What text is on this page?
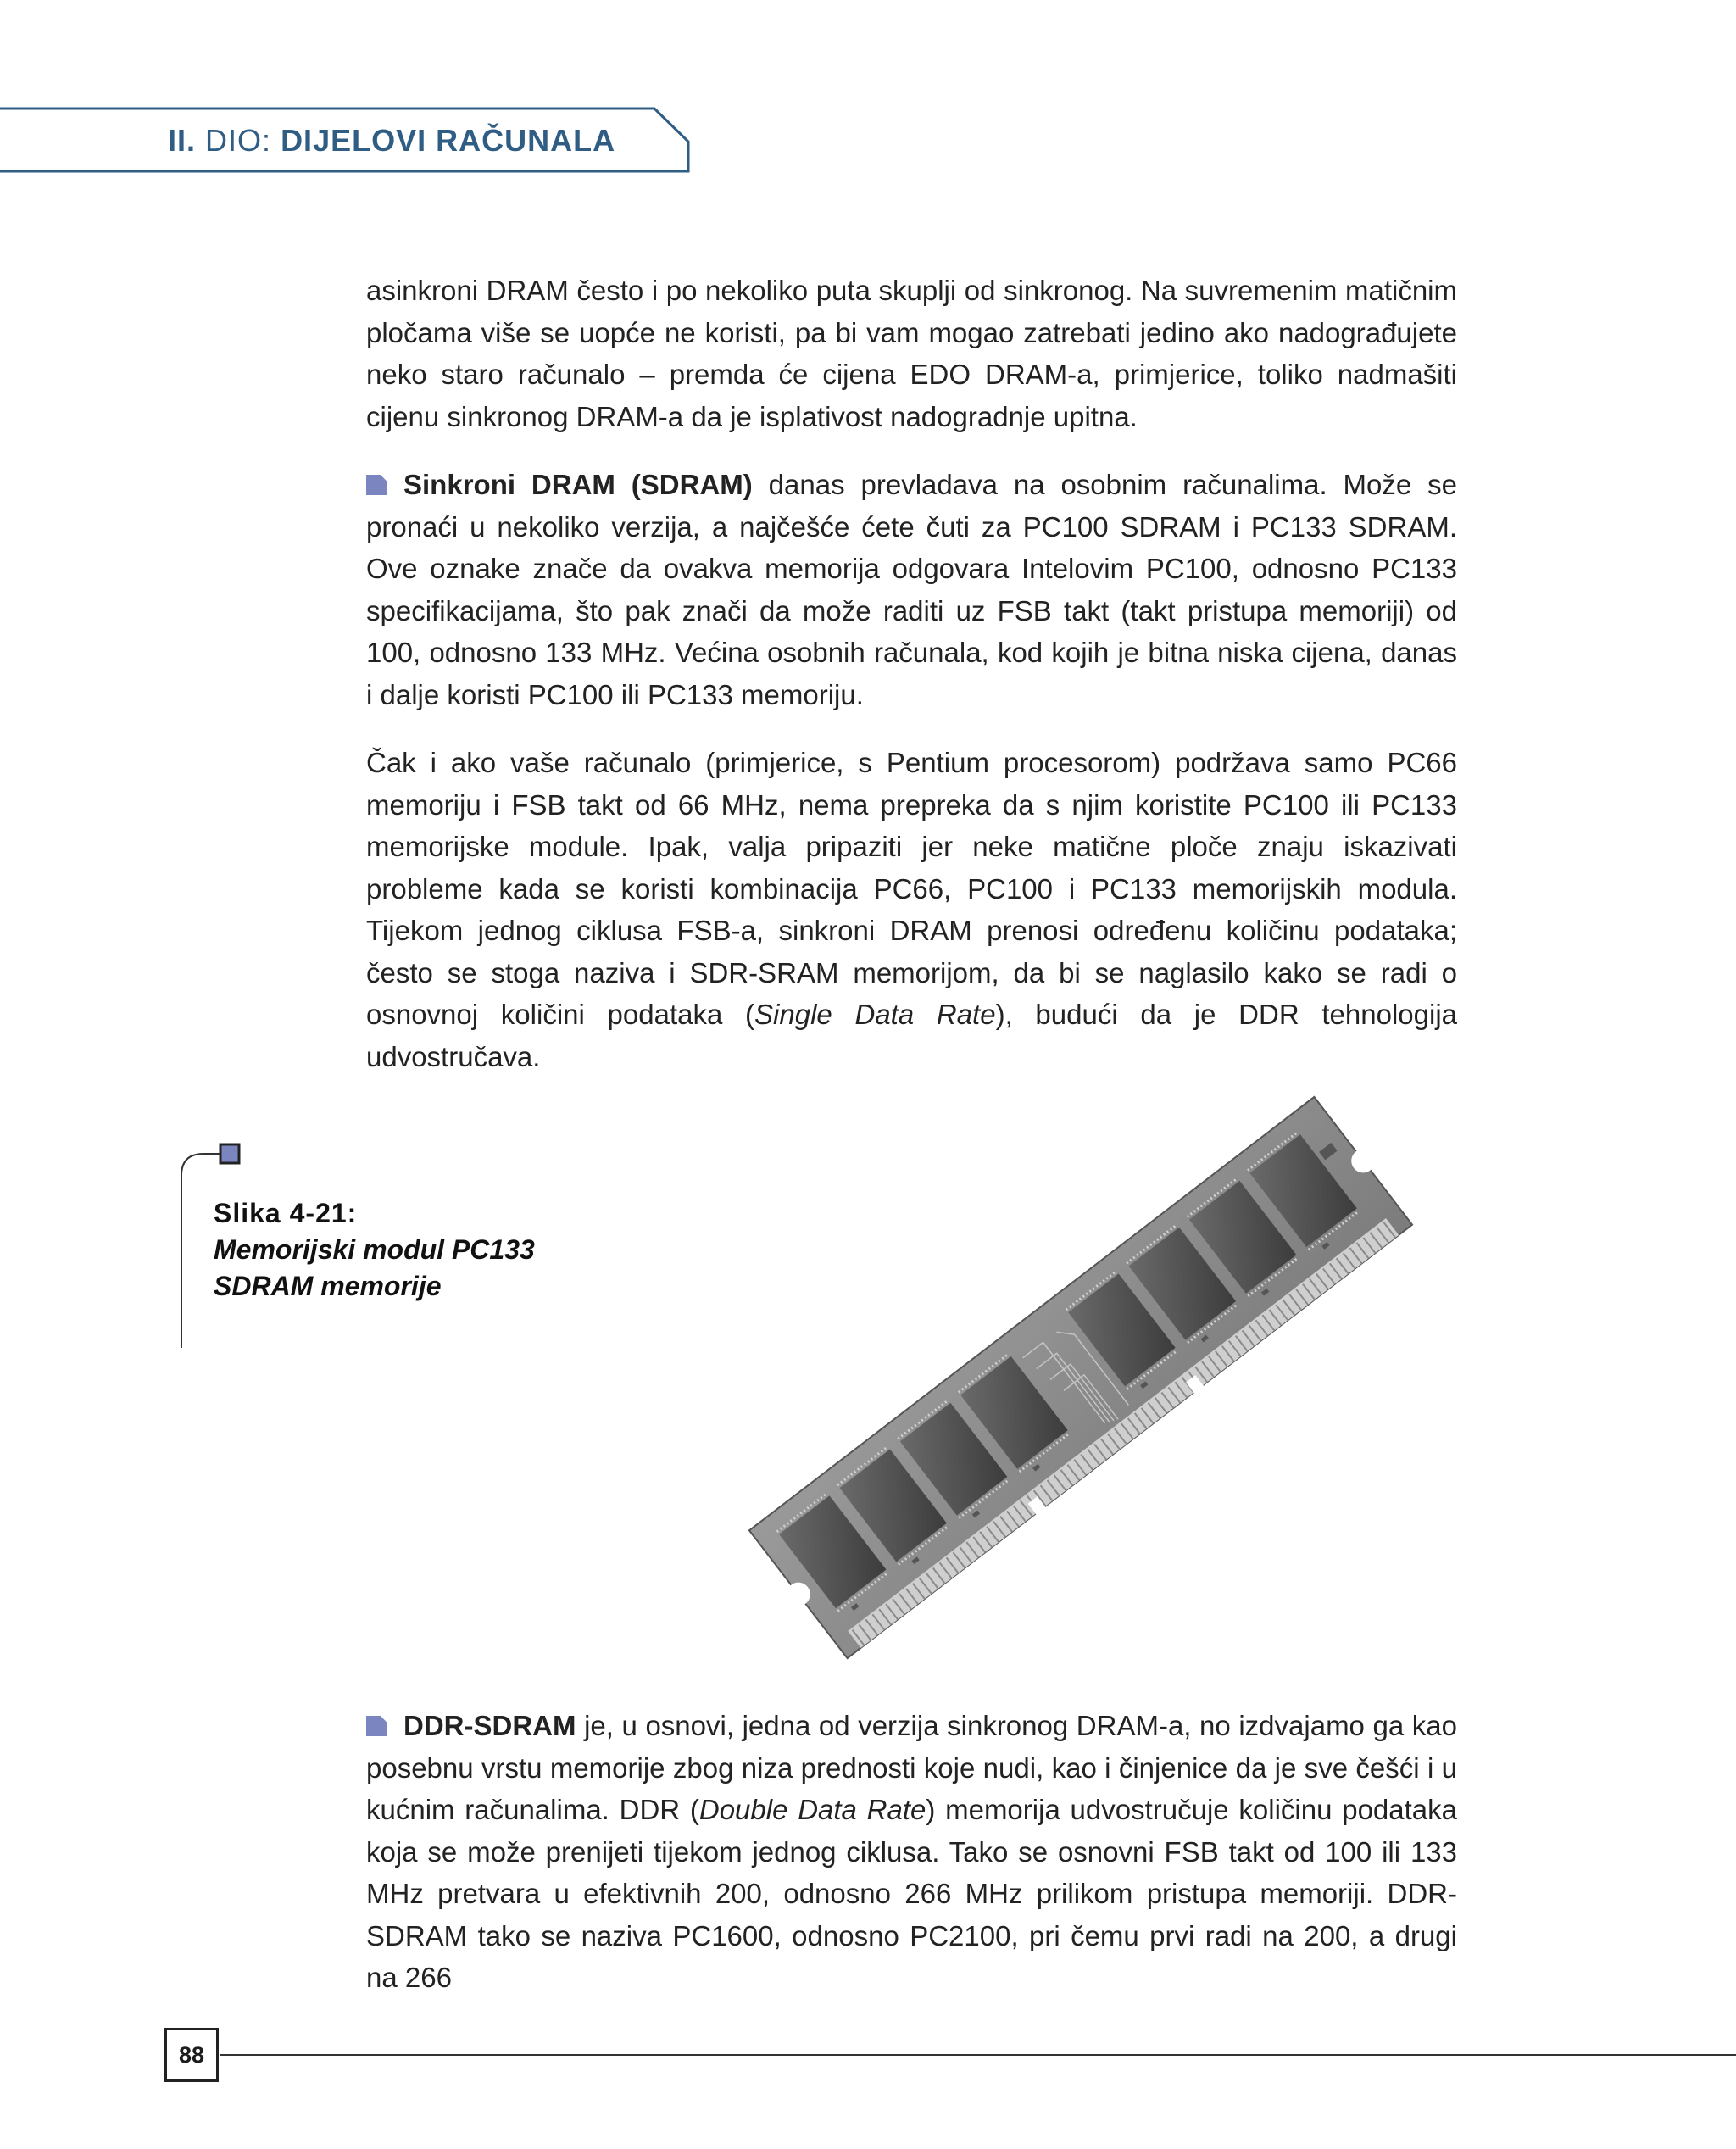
II. DIO: DIJELOVI RAČUNALA

asinkroni DRAM često i po nekoliko puta skuplji od sinkronog. Na suvremenim matičnim pločama više se uopće ne koristi, pa bi vam mogao zatrebati jedino ako nadograđujete neko staro računalo – premda će cijena EDO DRAM-a, primjerice, toliko nadmašiti cijenu sinkronog DRAM-a da je isplativost nadogradnje upitna.

Sinkroni DRAM (SDRAM) danas prevladava na osobnim računalima. Može se pronaći u nekoliko verzija, a najčešće ćete čuti za PC100 SDRAM i PC133 SDRAM. Ove oznake znače da ovakva memorija odgovara Intelovim PC100, odnosno PC133 specifikacijama, što pak znači da može raditi uz FSB takt (takt pristupa memoriji) od 100, odnosno 133 MHz. Većina osobnih računala, kod kojih je bitna niska cijena, danas i dalje koristi PC100 ili PC133 memoriju.

Čak i ako vaše računalo (primjerice, s Pentium procesorom) podržava samo PC66 memoriju i FSB takt od 66 MHz, nema prepreka da s njim koristite PC100 ili PC133 memorijske module. Ipak, valja pripaziti jer neke matične ploče znaju iskazivati probleme kada se koristi kombinacija PC66, PC100 i PC133 memorijskih modula. Tijekom jednog ciklusa FSB-a, sinkroni DRAM prenosi određenu količinu podataka; često se stoga naziva i SDR-SRAM memorijom, da bi se naglasilo kako se radi o osnovnoj količini podataka (Single Data Rate), budući da je DDR tehnologija udvostručava.

Slika 4-21:
Memorijski modul PC133
SDRAM memorije

DDR-SDRAM je, u osnovi, jedna od verzija sinkronog DRAM-a, no izdvajamo ga kao posebnu vrstu memorije zbog niza prednosti koje nudi, kao i činjenice da je sve češći i u kućnim računalima. DDR (Double Data Rate) memorija udvostručuje količinu podataka koja se može prenijeti tijekom jednog ciklusa. Tako se osnovni FSB takt od 100 ili 133 MHz pretvara u efektivnih 200, odnosno 266 MHz prilikom pristupa memoriji. DDR-SDRAM tako se naziva PC1600, odnosno PC2100, pri čemu prvi radi na 200, a drugi na 266

88
